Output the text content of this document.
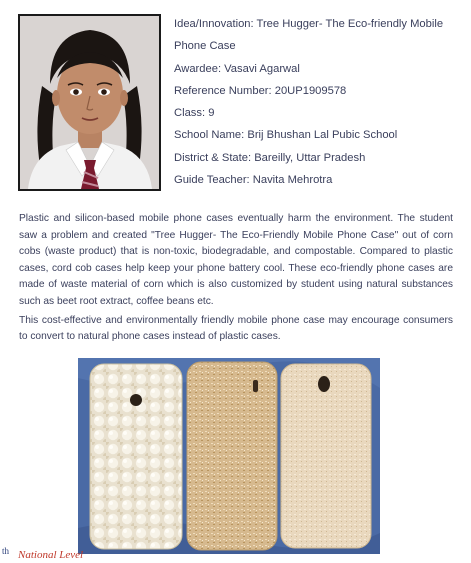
Idea/Innovation: Tree Hugger- The Eco-friendly Mobile
Phone Case
Awardee: Vasavi Agarwal
Reference Number: 20UP1909578
Class: 9
School Name: Brij Bhushan Lal Pubic School
District & State: Bareilly, Uttar Pradesh
Guide Teacher: Navita Mehrotra

Plastic and silicon-based mobile phone cases eventually harm the environment. The student saw a problem and created "Tree Hugger- The Eco-Friendly Mobile Phone Case" out of corn cobs (waste product) that is non-toxic, biodegradable, and compostable. Compared to plastic cases, cord cob cases help keep your phone battery cool. These eco-friendly phone cases are made of waste material of corn which is also customized by student using natural substances such as beet root extract, coffee beans etc.

This cost-effective and environmentally friendly mobile phone case may encourage consumers to convert to natural phone cases instead of plastic cases.

th National Level
